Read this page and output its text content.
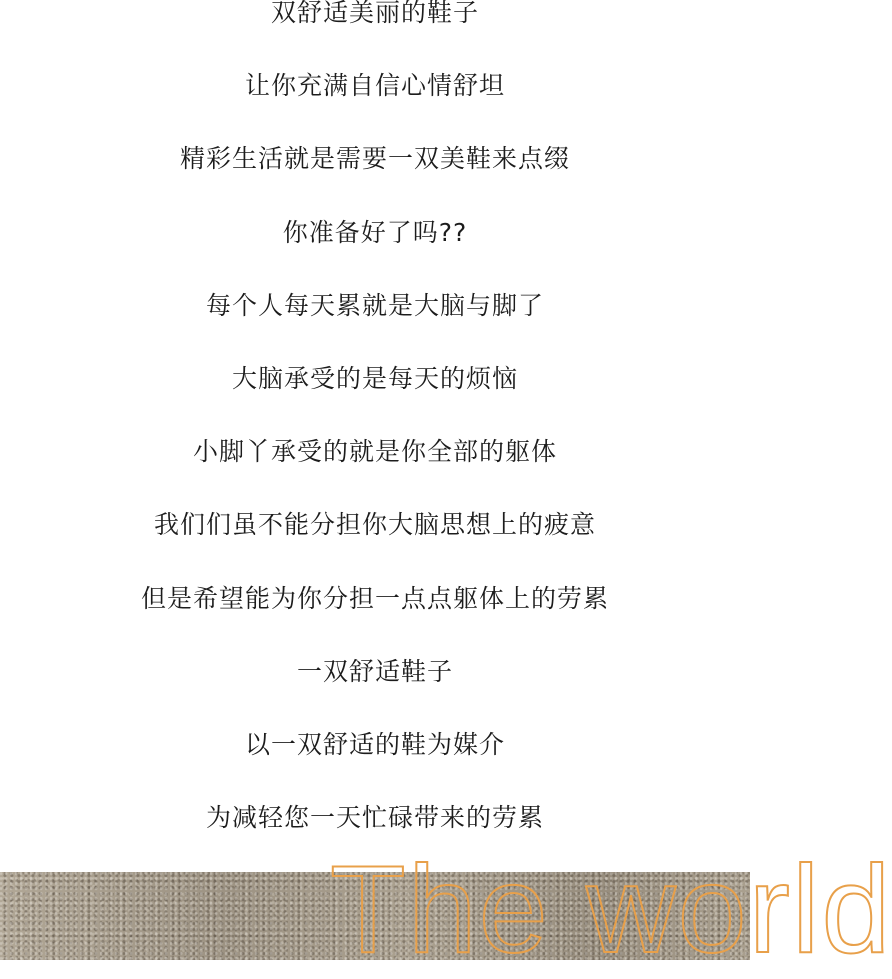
双舒适美丽的鞋子
让你充满自信心情舒坦
精彩生活就是需要一双美鞋来点缀
你准备好了吗??
每个人每天累就是大脑与脚了
大脑承受的是每天的烦恼
小脚丫承受的就是你全部的躯体
我们们虽不能分担你大脑思想上的疲意
但是希望能为你分担一点点躯体上的劳累
一双舒适鞋子
以一双舒适的鞋为媒介
为减轻您一天忙碌带来的劳累
The world
